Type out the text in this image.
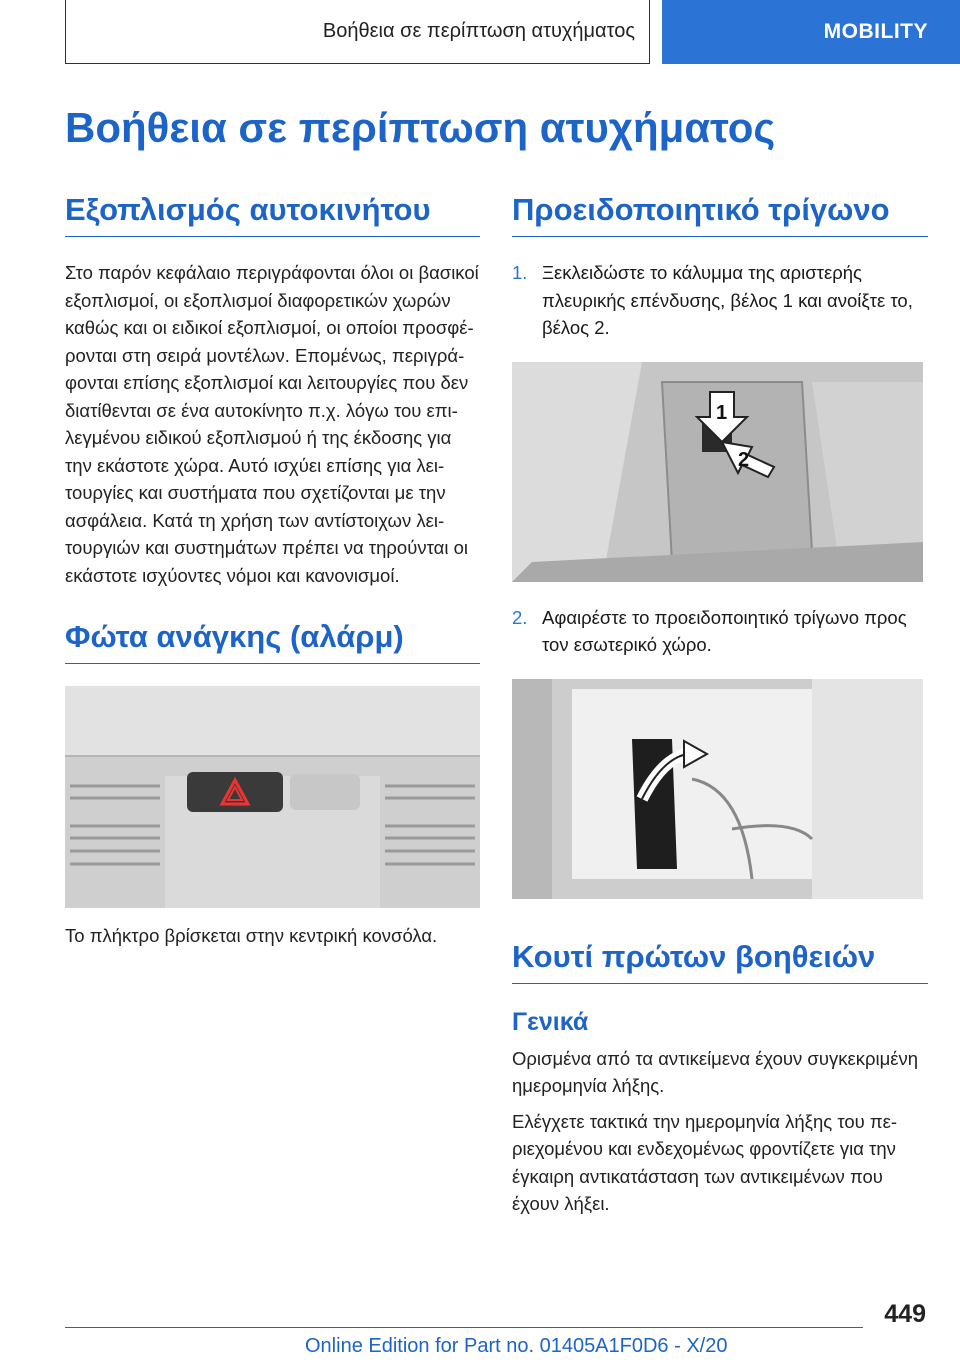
Βοήθεια σε περίπτωση ατυχήματος	MOBILITY
Βοήθεια σε περίπτωση ατυχήματος
Εξοπλισμός αυτοκινήτου

Στο παρόν κεφάλαιο περιγράφονται όλοι οι βασικοί εξοπλισμοί, οι εξοπλισμοί διαφορετικών χωρών καθώς και οι ειδικοί εξοπλισμοί, οι οποίοι προσφέρονται στη σειρά μοντέλων. Επομένως, περιγράφονται επίσης εξοπλισμοί και λειτουργίες που δεν διατίθενται σε ένα αυτοκίνητο π.χ. λόγω του επιλεγμένου ειδικού εξοπλισμού ή της έκδοσης για την εκάστοτε χώρα. Αυτό ισχύει επίσης για λειτουργίες και συστήματα που σχετίζονται με την ασφάλεια. Κατά τη χρήση των αντίστοιχων λειτουργιών και συστημάτων πρέπει να τηρούνται οι εκάστοτε ισχύοντες νόμοι και κανονισμοί.

Φώτα ανάγκης (αλάρμ)

Το πλήκτρο βρίσκεται στην κεντρική κονσόλα.

Προειδοποιητικό τρίγωνο
1. Ξεκλειδώστε το κάλυμμα της αριστερής πλευρικής επένδυσης, βέλος 1 και ανοίξτε το, βέλος 2.
1
2
2. Αφαιρέστε το προειδοποιητικό τρίγωνο προς τον εσωτερικό χώρο.
Κουτί πρώτων βοηθειών
Γενικά

Ορισμένα από τα αντικείμενα έχουν συγκεκριμένη ημερομηνία λήξης.

Ελέγχετε τακτικά την ημερομηνία λήξης του περιεχομένου και ενδεχομένως φροντίζετε για την έγκαιρη αντικατάσταση των αντικειμένων που έχουν λήξει.

449
Online Edition for Part no. 01405A1F0D6 - X/20
